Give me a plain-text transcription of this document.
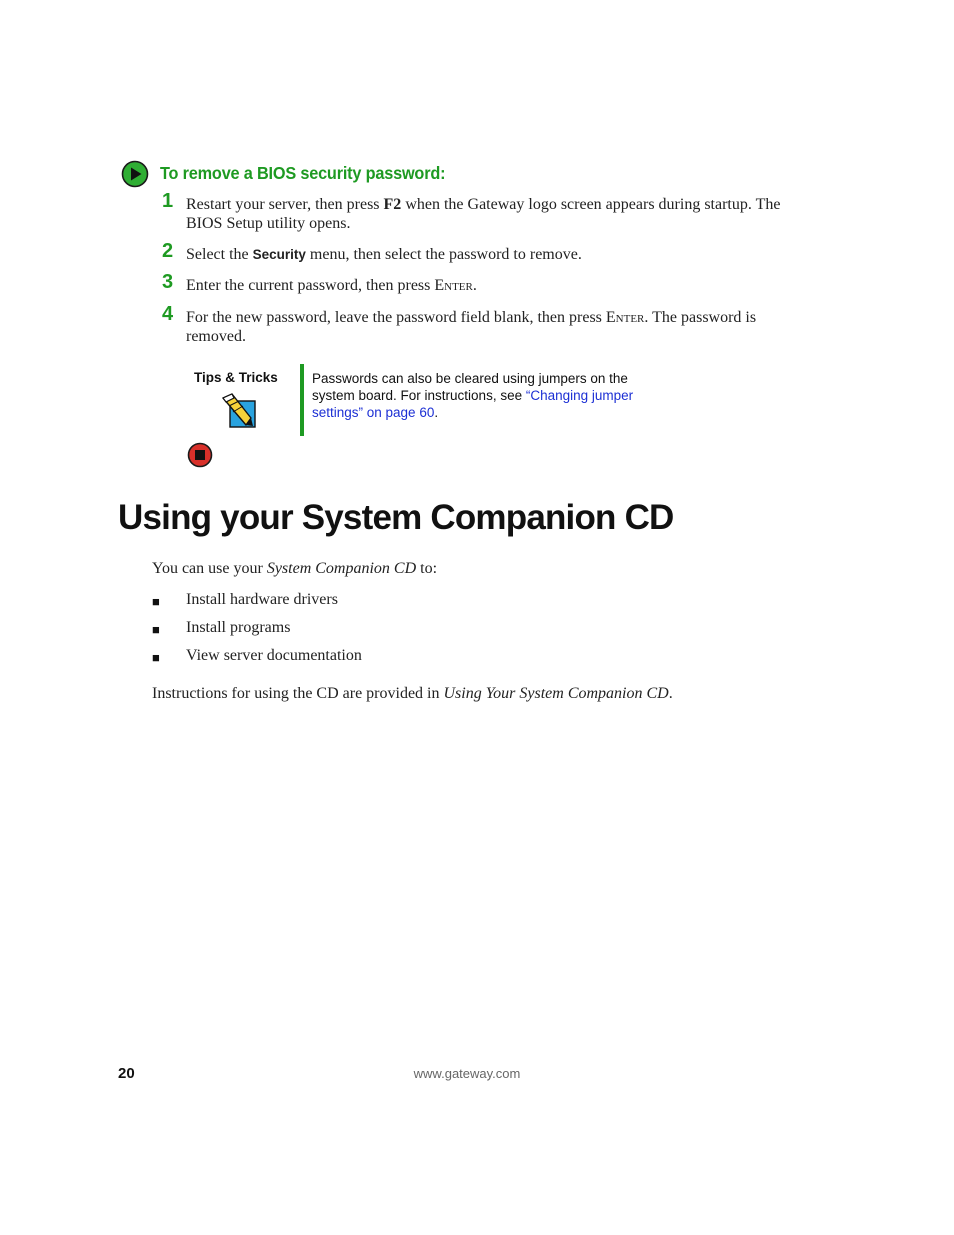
To remove a BIOS security password:
1 Restart your server, then press F2 when the Gateway logo screen appears during startup. The BIOS Setup utility opens.
2 Select the Security menu, then select the password to remove.
3 Enter the current password, then press Enter.
4 For the new password, leave the password field blank, then press Enter. The password is removed.
Tips & Tricks	Passwords can also be cleared using jumpers on the system board. For instructions, see “Changing jumper settings” on page 60.
Using your System Companion CD
You can use your System Companion CD to:
■ Install hardware drivers
■ Install programs
■ View server documentation
Instructions for using the CD are provided in Using Your System Companion CD.
20	www.gateway.com
